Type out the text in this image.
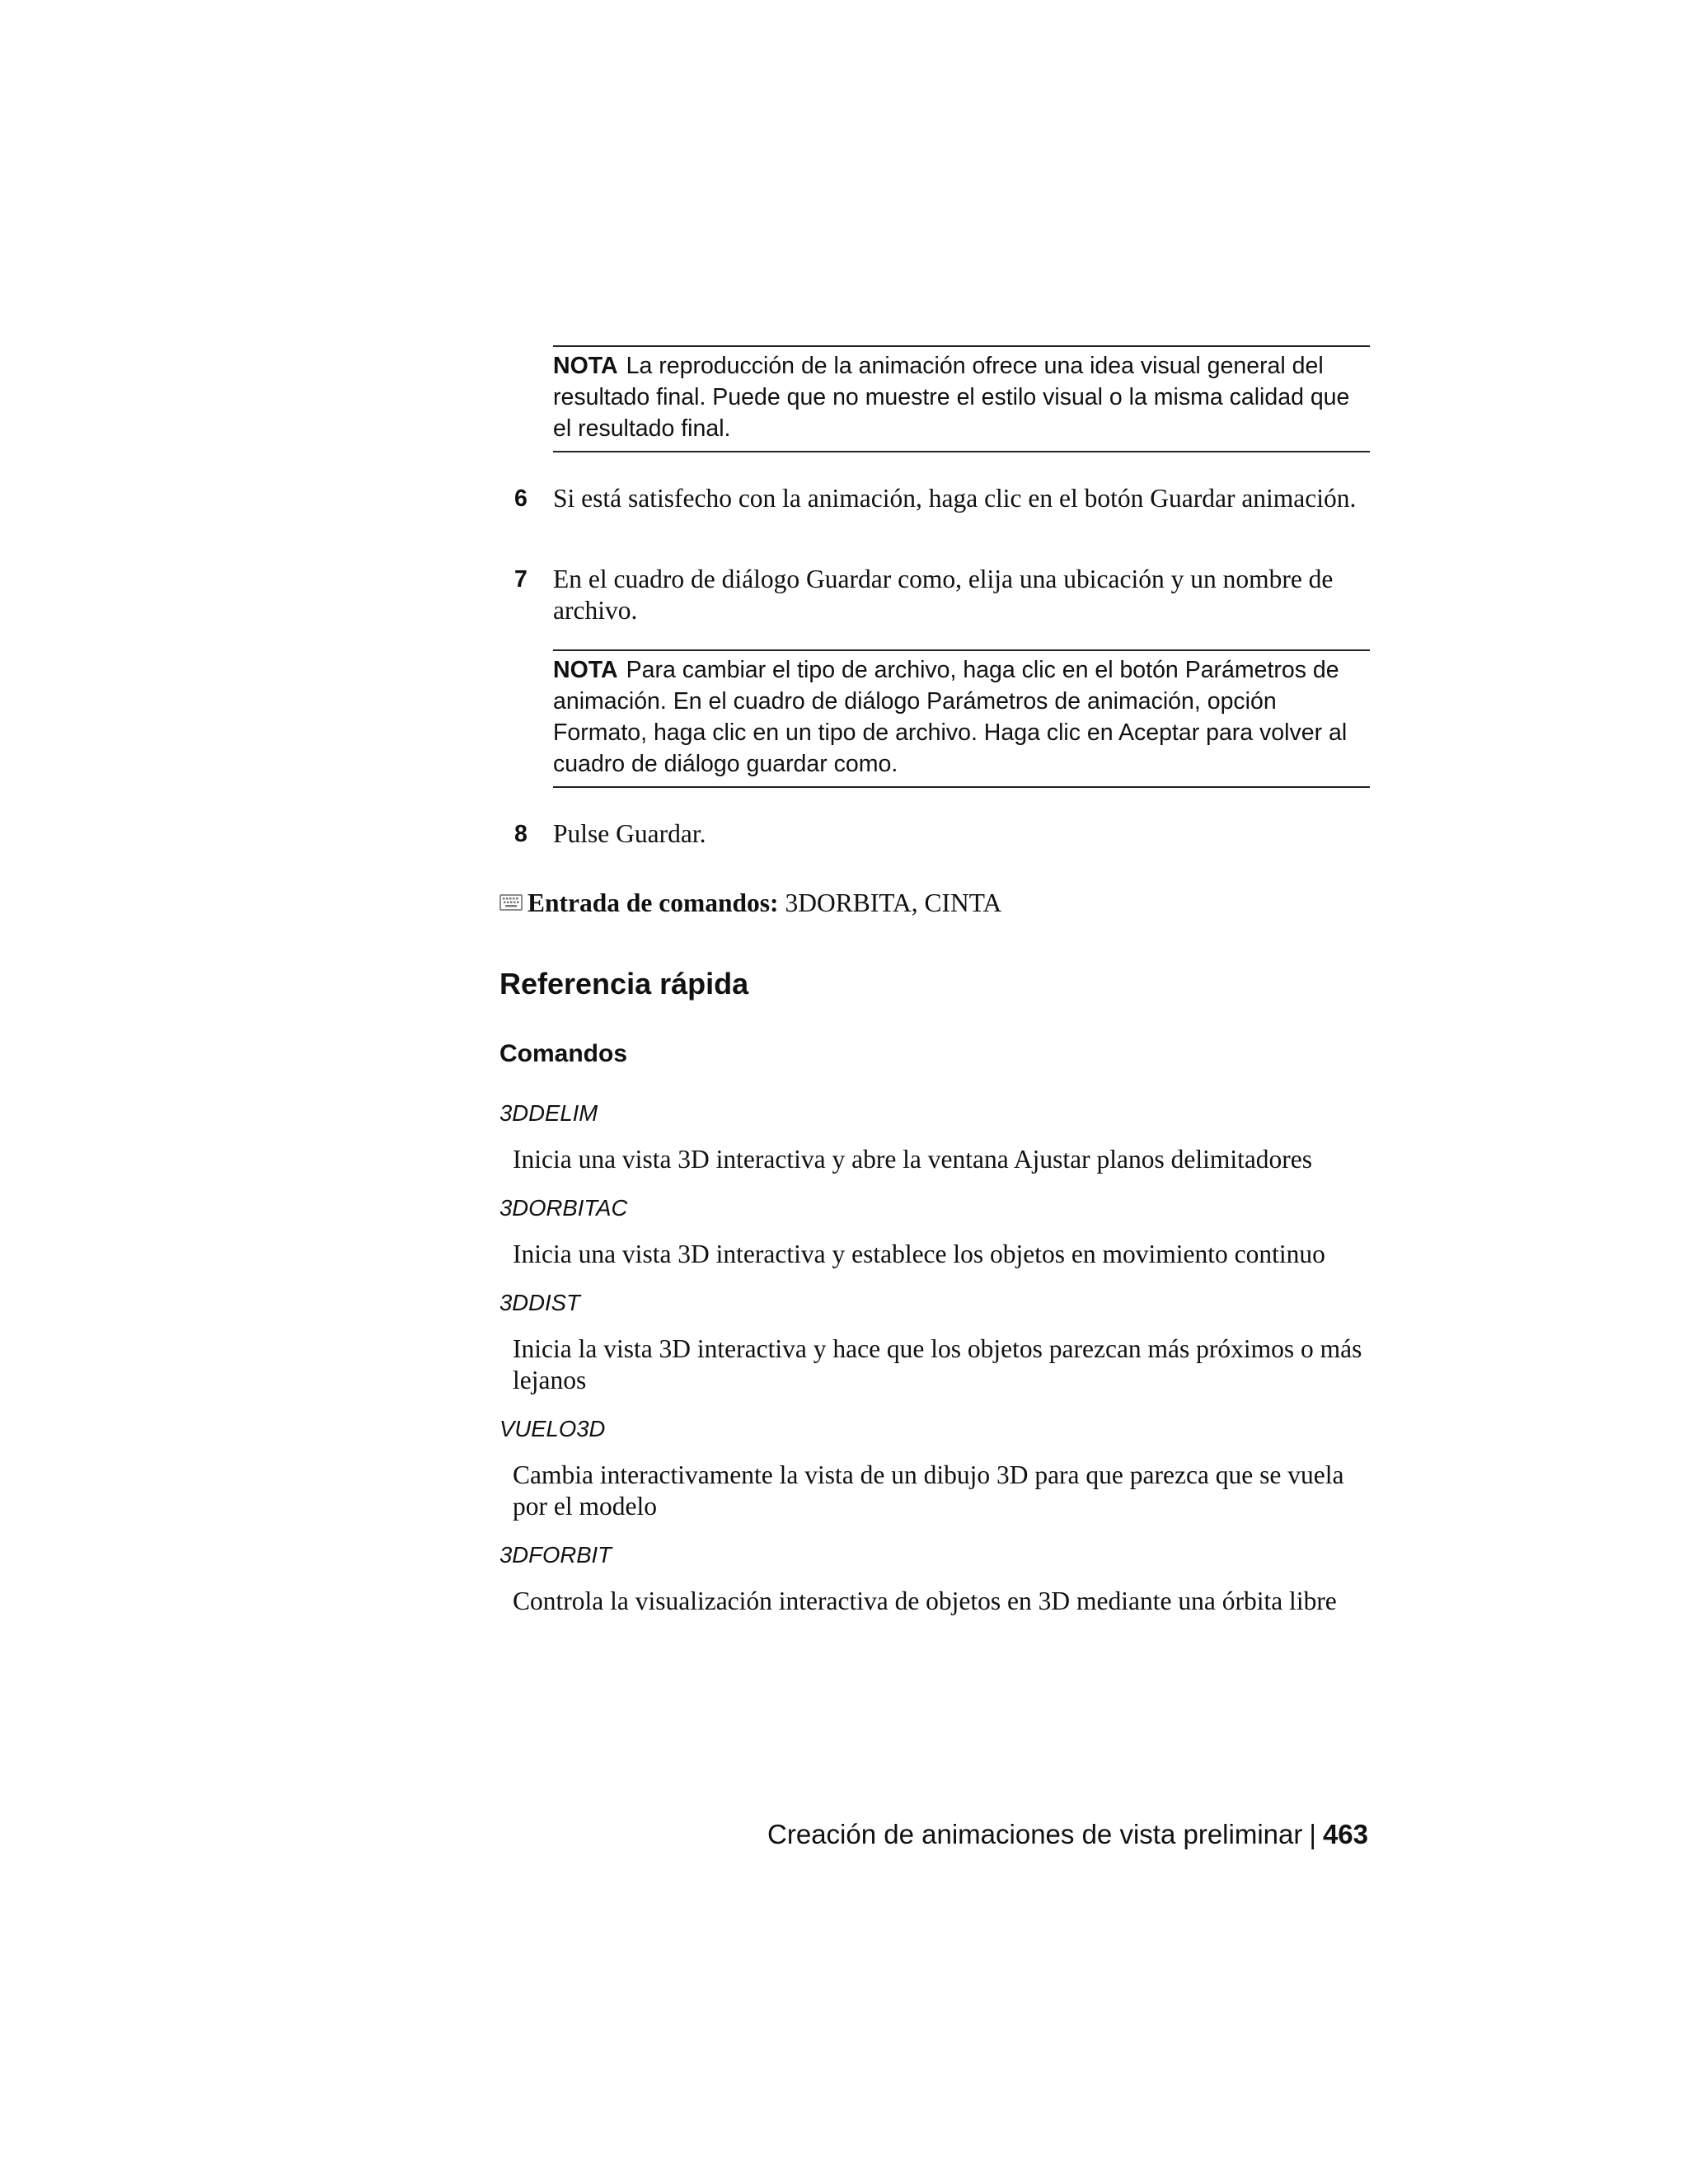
NOTA La reproducción de la animación ofrece una idea visual general del resultado final. Puede que no muestre el estilo visual o la misma calidad que el resultado final.
6 Si está satisfecho con la animación, haga clic en el botón Guardar animación.
7 En el cuadro de diálogo Guardar como, elija una ubicación y un nombre de archivo.
NOTA Para cambiar el tipo de archivo, haga clic en el botón Parámetros de animación. En el cuadro de diálogo Parámetros de animación, opción Formato, haga clic en un tipo de archivo. Haga clic en Aceptar para volver al cuadro de diálogo guardar como.
8 Pulse Guardar.
Entrada de comandos: 3DORBITA, CINTA
Referencia rápida
Comandos
3DDELIM
Inicia una vista 3D interactiva y abre la ventana Ajustar planos delimitadores
3DORBITAC
Inicia una vista 3D interactiva y establece los objetos en movimiento continuo
3DDIST
Inicia la vista 3D interactiva y hace que los objetos parezcan más próximos o más lejanos
VUELO3D
Cambia interactivamente la vista de un dibujo 3D para que parezca que se vuela por el modelo
3DFORBIT
Controla la visualización interactiva de objetos en 3D mediante una órbita libre
Creación de animaciones de vista preliminar | 463
